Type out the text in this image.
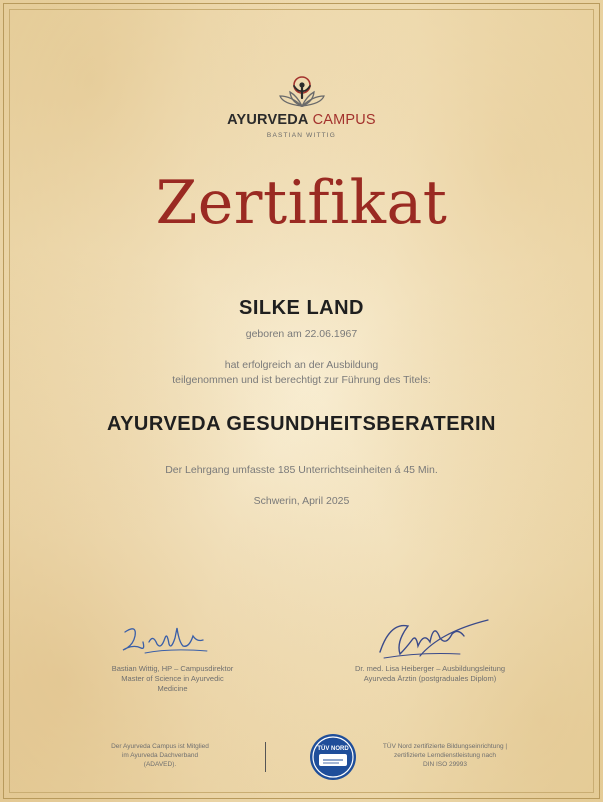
AYURVEDA CAMPUS
BASTIAN WITTIG
Zertifikat
SILKE LAND
geboren am 22.06.1967
hat erfolgreich an der Ausbildung
teilgenommen und ist berechtigt zur Führung des Titels:
AYURVEDA GESUNDHEITSBERATERIN
Der Lehrgang umfasste 185 Unterrichtseinheiten á 45 Min.
Schwerin, April 2025
Bastian Wittig, HP – Campusdirektor
Master of Science in Ayurvedic
Medicine
Dr. med. Lisa Heiberger – Ausbildungsleitung
Ayurveda Ärztin (postgraduales Diplom)
Der Ayurveda Campus ist Mitglied
im Ayurveda Dachverband
(ADAVED).
TÜV NORD	TÜV Nord zertifizierte Bildungseinrichtung |
zertifizierte Lerndienstleistung nach
DIN ISO 29993
